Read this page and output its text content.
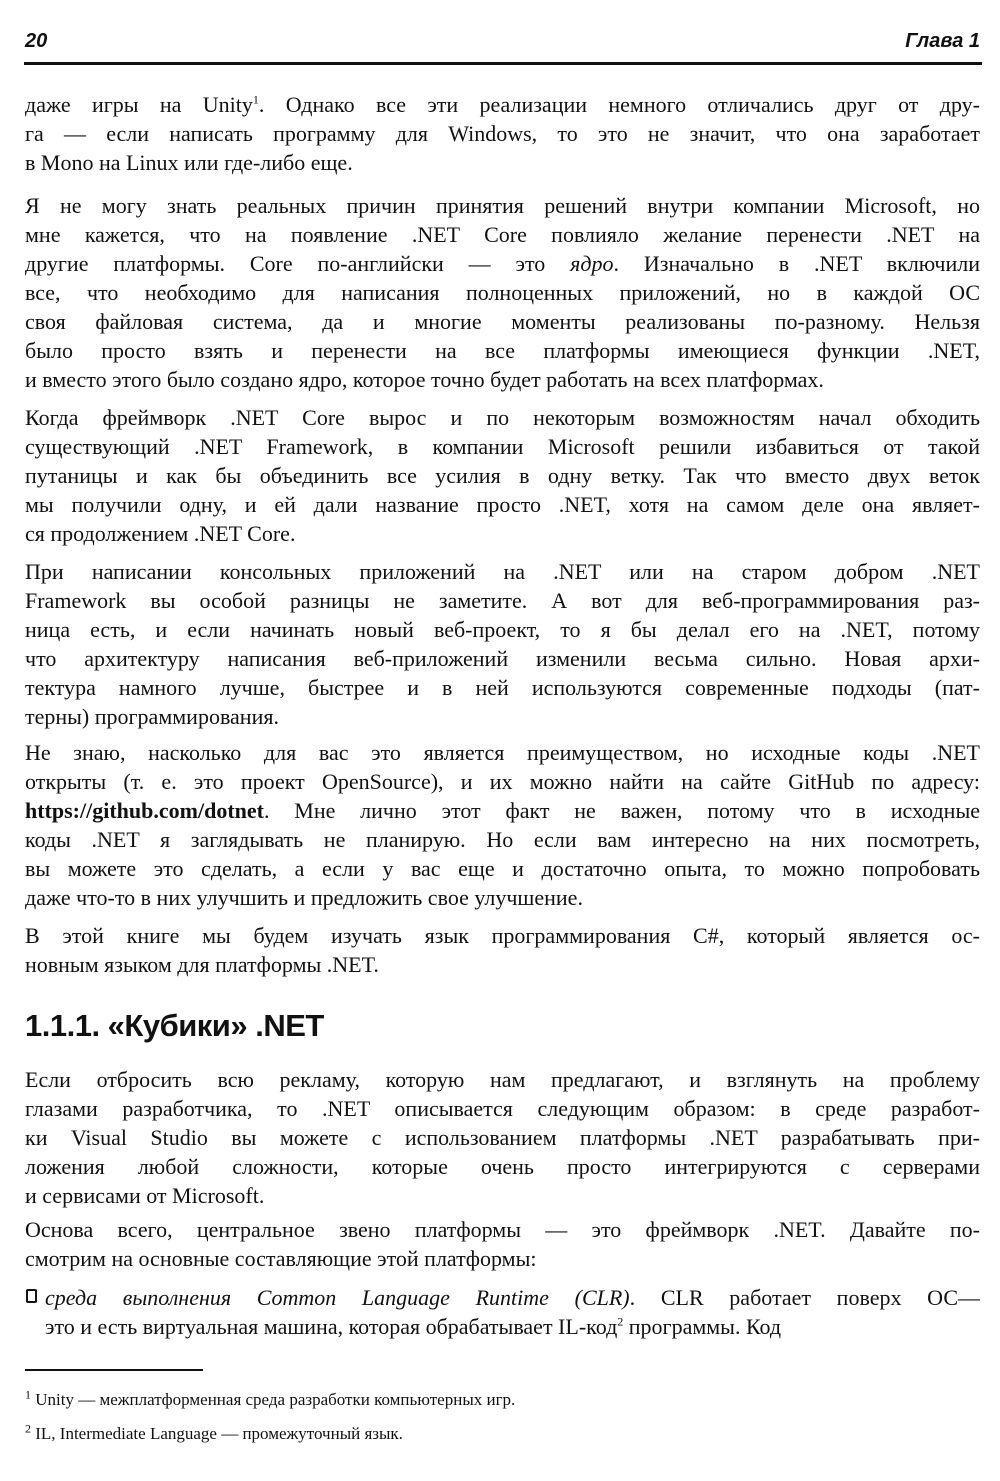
20	Глава 1
даже игры на Unity$^1$. Однако все эти реализации немного отличались друг от дру-
га — если написать программу для Windows, то это не значит, что она заработает
в Mono на Linux или где-либо еще.
Я не могу знать реальных причин принятия решений внутри компании Microsoft, но
мне кажется, что на появление .NET Core повлияло желание перенести .NET на
другие платформы. Core по-английски — это ядро. Изначально в .NET включили
все, что необходимо для написания полноценных приложений, но в каждой ОС
своя файловая система, да и многие моменты реализованы по-разному. Нельзя
было просто взять и перенести на все платформы имеющиеся функции .NET,
и вместо этого было создано ядро, которое точно будет работать на всех платформах.
Когда фреймворк .NET Core вырос и по некоторым возможностям начал обходить
существующий .NET Framework, в компании Microsoft решили избавиться от такой
путаницы и как бы объединить все усилия в одну ветку. Так что вместо двух веток
мы получили одну, и ей дали название просто .NET, хотя на самом деле она являет-
ся продолжением .NET Core.
При написании консольных приложений на .NET или на старом добром .NET
Framework вы особой разницы не заметите. А вот для веб-программирования раз-
ница есть, и если начинать новый веб-проект, то я бы делал его на .NET, потому
что архитектуру написания веб-приложений изменили весьма сильно. Новая архи-
тектура намного лучше, быстрее и в ней используются современные подходы (пат-
терны) программирования.
Не знаю, насколько для вас это является преимуществом, но исходные коды .NET
открыты (т. е. это проект OpenSource), и их можно найти на сайте GitHub по адресу:
https://github.com/dotnet. Мне лично этот факт не важен, потому что в исходные
коды .NET я заглядывать не планирую. Но если вам интересно на них посмотреть,
вы можете это сделать, а если у вас еще и достаточно опыта, то можно попробовать
даже что-то в них улучшить и предложить свое улучшение.
В этой книге мы будем изучать язык программирования C#, который является ос-
новным языком для платформы .NET.
1.1.1. «Кубики» .NET
Если отбросить всю рекламу, которую нам предлагают, и взглянуть на проблему
глазами разработчика, то .NET описывается следующим образом: в среде разработ-
ки Visual Studio вы можете с использованием платформы .NET разрабатывать при-
ложения любой сложности, которые очень просто интегрируются с серверами
и сервисами от Microsoft.
Основа всего, центральное звено платформы — это фреймворк .NET. Давайте по-
смотрим на основные составляющие этой платформы:
среда выполнения Common Language Runtime (CLR). CLR работает поверх ОС—
это и есть виртуальная машина, которая обрабатывает IL-код$^2$ программы. Код
$^1$ Unity — межплатформенная среда разработки компьютерных игр.
$^2$ IL, Intermediate Language — промежуточный язык.
